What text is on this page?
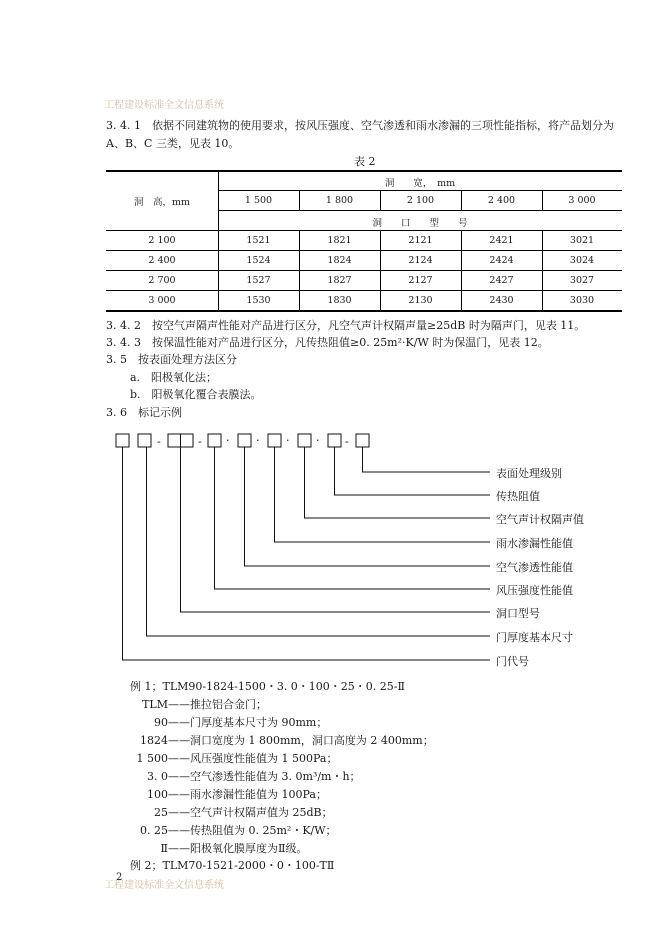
工程建设标准全文信息系统
工程建设标准全文信息系统
2
3. 4. 1　依据不同建筑物的使用要求，按风压强度、空气渗透和雨水渗漏的三项性能指标，将产品划分为
A、B、C 三类，见表 10。
表 2
洞　高，mm
洞　　宽，　mm
1 500	1 800	2 100	2 400	3 000
洞　　口　　型　　号
2 100	1521	1821	2121	2421	3021
2 400	1524	1824	2124	2424	3024
2 700	1527	1827	2127	2427	3027
3 000	1530	1830	2130	2430	3030
3. 4. 2　按空气声隔声性能对产品进行区分，凡空气声计权隔声量≥25dB 时为隔声门，见表 11。
3. 4. 3　按保温性能对产品进行区分，凡传热阻值≥0. 25m²·K/W 时为保温门，见表 12。
3. 5　按表面处理方法区分
a.　阳极氧化法；
b.　阳极氧化覆合表膜法。
3. 6　标记示例
-	- · · · · -
表面处理级别
传热阻值
空气声计权隔声值
雨水渗漏性能值
空气渗透性能值
风压强度性能值
洞口型号
门厚度基本尺寸
门代号
例 1；TLM90-1824-1500・3. 0・100・25・0. 25-Ⅱ
TLM——推拉铝合金门；
90——门厚度基本尺寸为 90mm；
1824——洞口宽度为 1 800mm，洞口高度为 2 400mm；
1 500——风压强度性能值为 1 500Pa；
3. 0——空气渗透性能值为 3. 0m³/m・h；
100——雨水渗漏性能值为 100Pa；
25——空气声计权隔声值为 25dB；
0. 25——传热阻值为 0. 25m²・K/W；
Ⅱ——阳极氧化膜厚度为Ⅱ级。
例 2；TLM70-1521-2000・0・100-TⅡ
